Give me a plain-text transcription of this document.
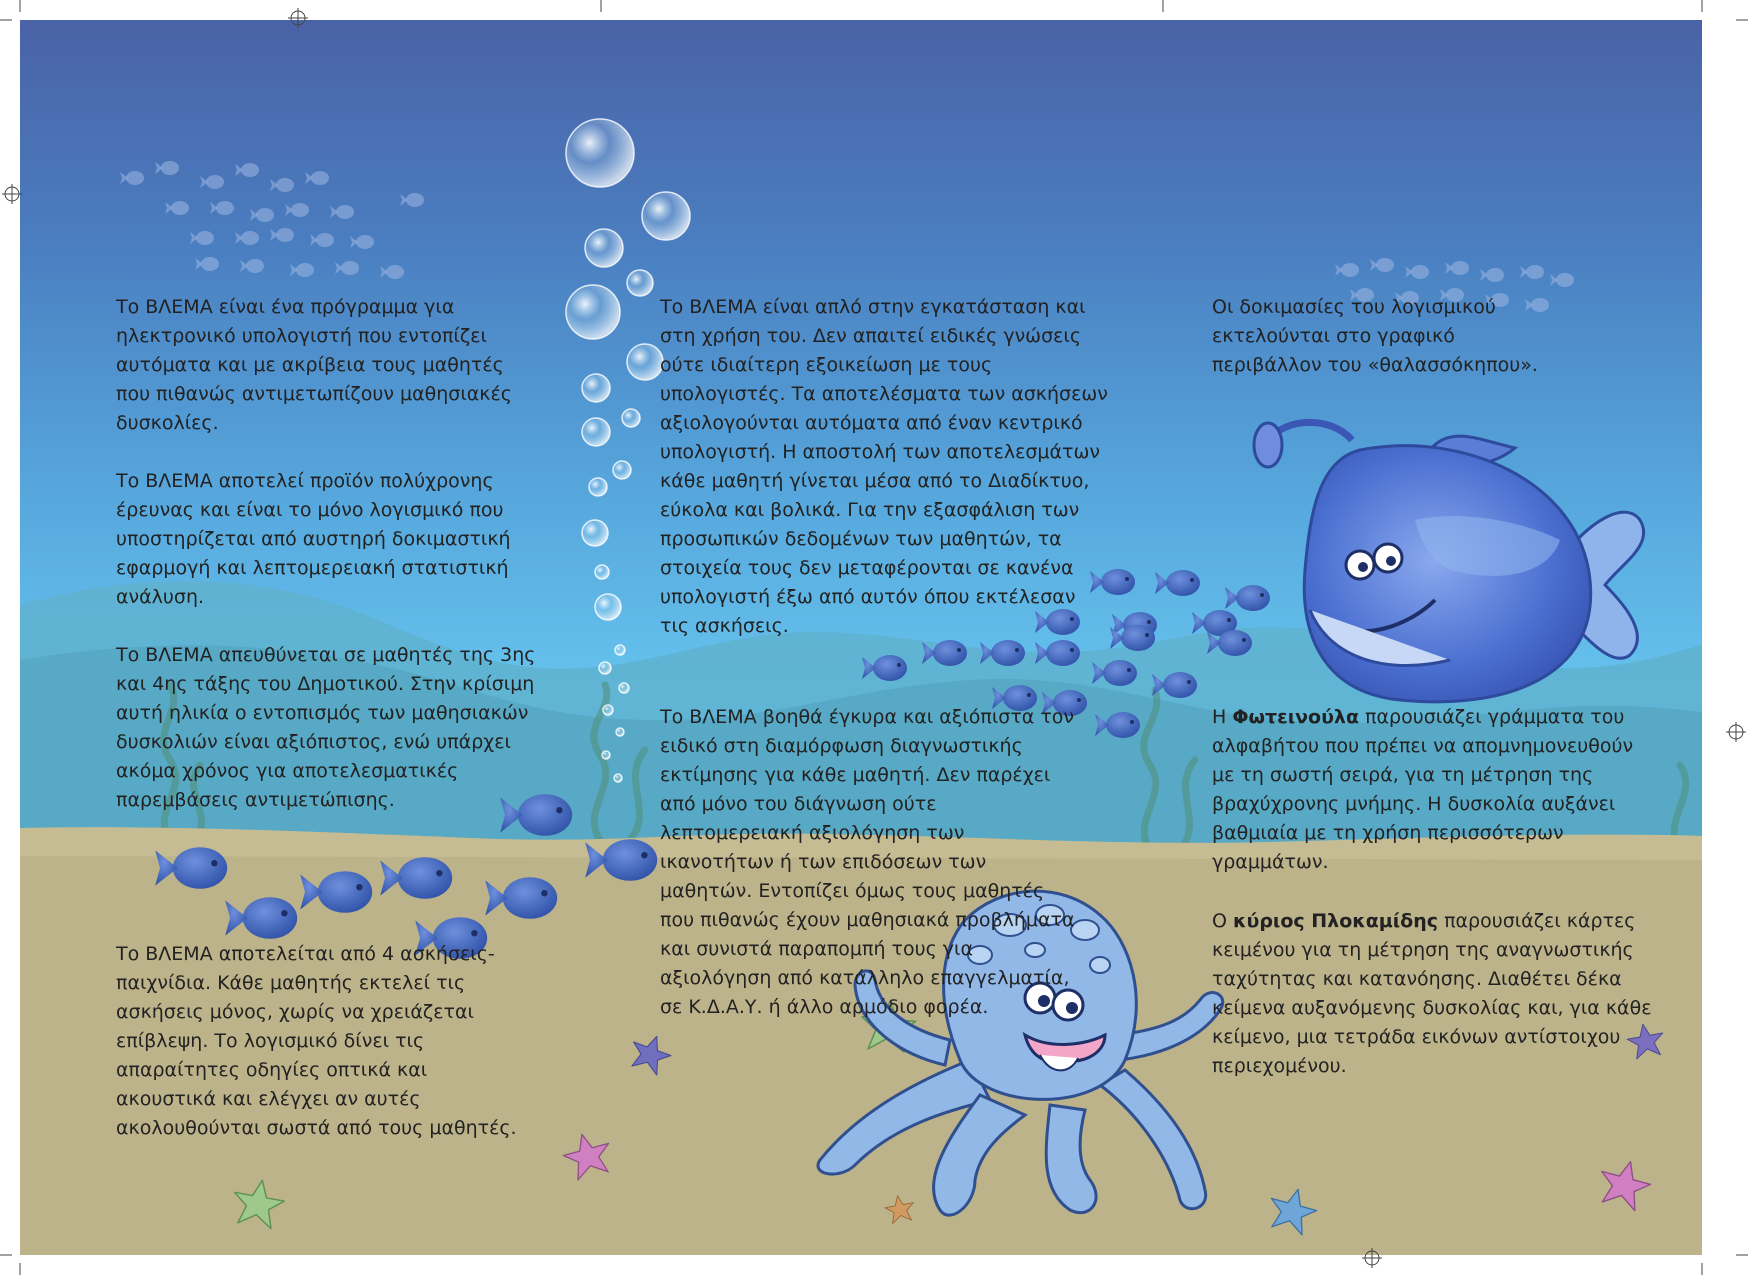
Το ΒΛΕΜΑ είναι ένα πρόγραμμα για ηλεκτρονικό υπολογιστή που εντοπίζει αυτόματα και με ακρίβεια τους μαθητές που πιθανώς αντιμετωπίζουν μαθησιακές δυσκολίες.

Το ΒΛΕΜΑ αποτελεί προϊόν πολύχρονης έρευνας και είναι το μόνο λογισμικό που υποστηρίζεται από αυστηρή δοκιμαστική εφαρμογή και λεπτομερειακή στατιστική ανάλυση.

Το ΒΛΕΜΑ απευθύνεται σε μαθητές της 3ης και 4ης τάξης του Δημοτικού. Στην κρίσιμη αυτή ηλικία ο εντοπισμός των μαθησιακών δυσκολιών είναι αξιόπιστος, ενώ υπάρχει ακόμα χρόνος για αποτελεσματικές παρεμβάσεις αντιμετώπισης.

Το ΒΛΕΜΑ αποτελείται από 4 ασκήσεις-παιχνίδια. Κάθε μαθητής εκτελεί τις ασκήσεις μόνος, χωρίς να χρειάζεται επίβλεψη. Το λογισμικό δίνει τις απαραίτητες οδηγίες οπτικά και ακουστικά και ελέγχει αν αυτές ακολουθούνται σωστά από τους μαθητές.

Το ΒΛΕΜΑ είναι απλό στην εγκατάσταση και στη χρήση του. Δεν απαιτεί ειδικές γνώσεις ούτε ιδιαίτερη εξοικείωση με τους υπολογιστές. Τα αποτελέσματα των ασκήσεων αξιολογούνται αυτόματα από έναν κεντρικό υπολογιστή. Η αποστολή των αποτελεσμάτων κάθε μαθητή γίνεται μέσα από το Διαδίκτυο, εύκολα και βολικά. Για την εξασφάλιση των προσωπικών δεδομένων των μαθητών, τα στοιχεία τους δεν μεταφέρονται σε κανένα υπολογιστή έξω από αυτόν όπου εκτέλεσαν τις ασκήσεις.

Το ΒΛΕΜΑ βοηθά έγκυρα και αξιόπιστα τον ειδικό στη διαμόρφωση διαγνωστικής εκτίμησης για κάθε μαθητή. Δεν παρέχει από μόνο του διάγνωση ούτε λεπτομερειακή αξιολόγηση των ικανοτήτων ή των επιδόσεων των μαθητών. Εντοπίζει όμως τους μαθητές που πιθανώς έχουν μαθησιακά προβλήματα και συνιστά παραπομπή τους για αξιολόγηση από κατάλληλο επαγγελματία, σε Κ.Δ.Α.Υ. ή άλλο αρμόδιο φορέα.

Οι δοκιμασίες του λογισμικού εκτελούνται στο γραφικό περιβάλλον του «θαλασσόκηπου».

Η Φωτεινούλα παρουσιάζει γράμματα του αλφαβήτου που πρέπει να απομνημονευθούν με τη σωστή σειρά, για τη μέτρηση της βραχύχρονης μνήμης. Η δυσκολία αυξάνει βαθμιαία με τη χρήση περισσότερων γραμμάτων.

Ο κύριος Πλοκαμίδης παρουσιάζει κάρτες κειμένου για τη μέτρηση της αναγνωστικής ταχύτητας και κατανόησης. Διαθέτει δέκα κείμενα αυξανόμενης δυσκολίας και, για κάθε κείμενο, μια τετράδα εικόνων αντίστοιχου περιεχομένου.
